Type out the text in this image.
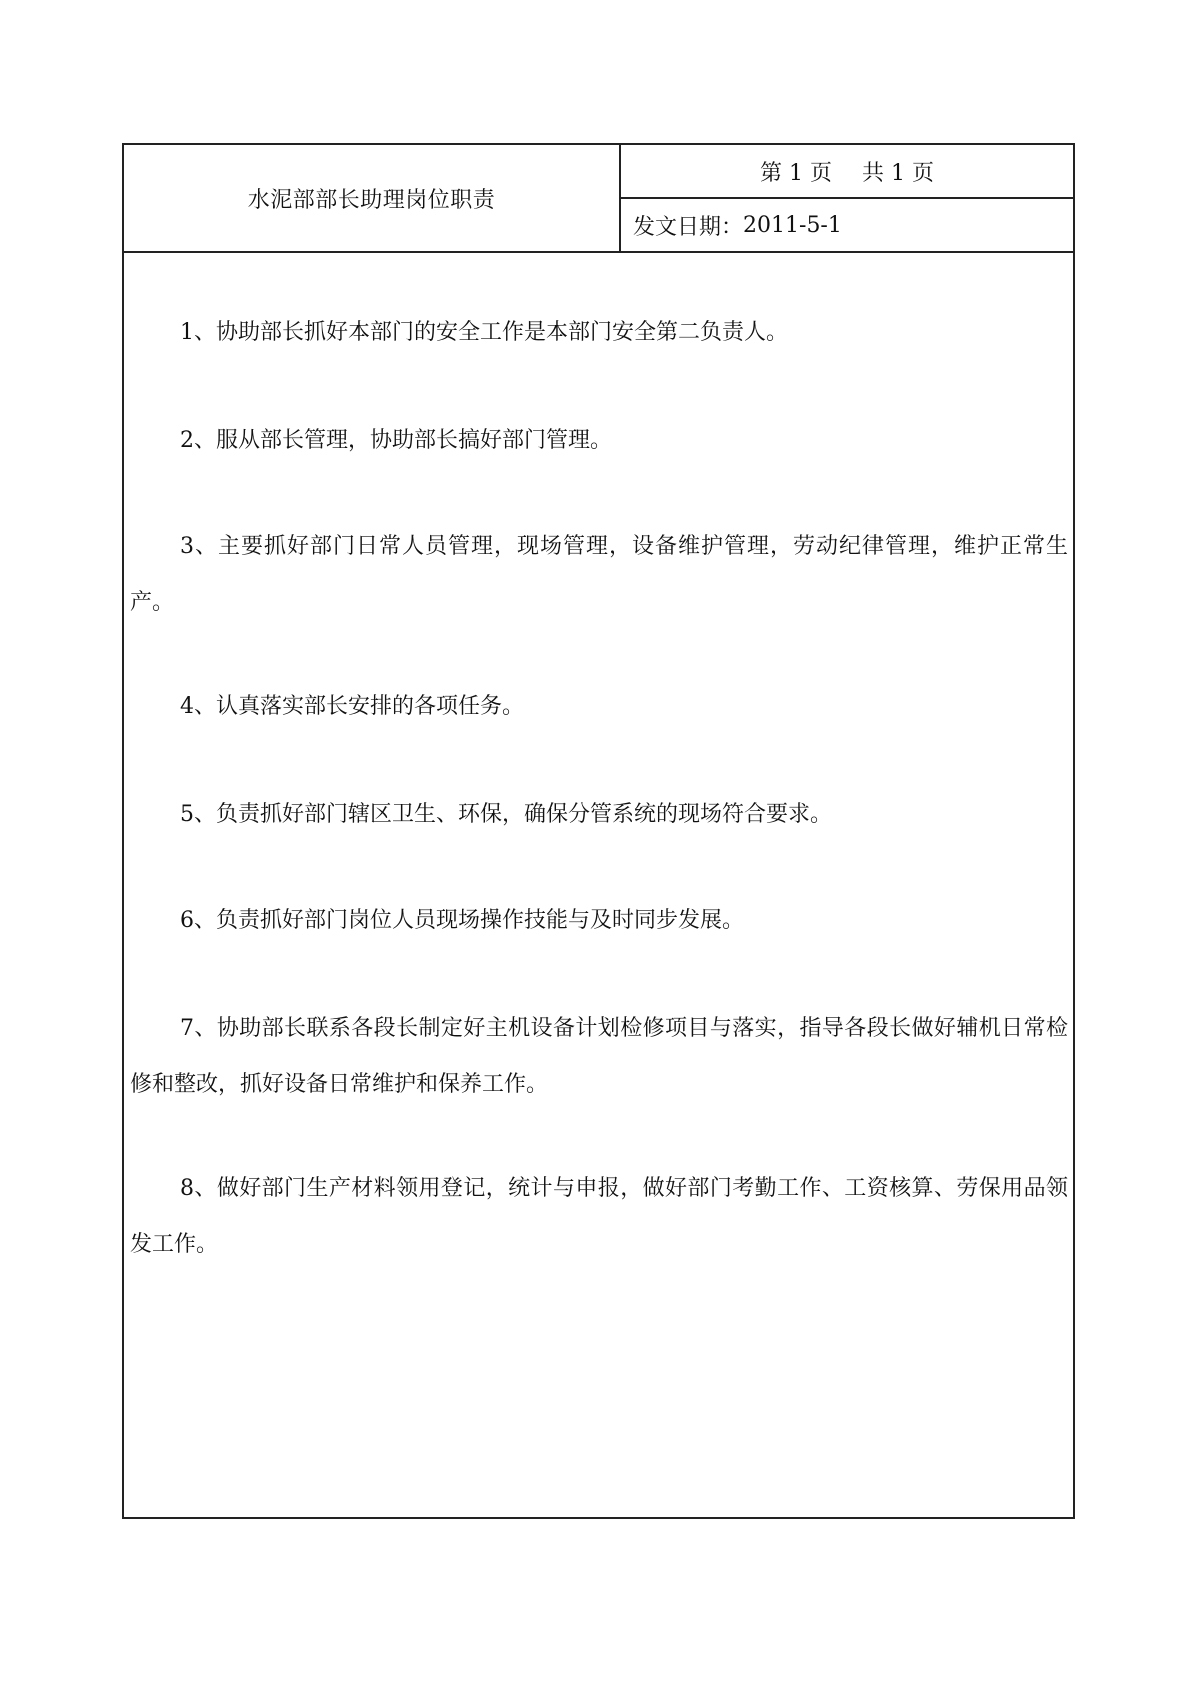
水泥部部长助理岗位职责
第 1 页 共 1 页
发文日期： 2011-5-1

1、协助部长抓好本部门的安全工作是本部门安全第二负责人。

2、服从部长管理，协助部长搞好部门管理。

3、主要抓好部门日常人员管理，现场管理，设备维护管理，劳动纪律管理，维护正常生产。

4、认真落实部长安排的各项任务。

5、负责抓好部门辖区卫生、环保，确保分管系统的现场符合要求。

6、负责抓好部门岗位人员现场操作技能与及时同步发展。

7、协助部长联系各段长制定好主机设备计划检修项目与落实，指导各段长做好辅机日常检修和整改，抓好设备日常维护和保养工作。

8、做好部门生产材料领用登记，统计与申报，做好部门考勤工作、工资核算、劳保用品领发工作。
